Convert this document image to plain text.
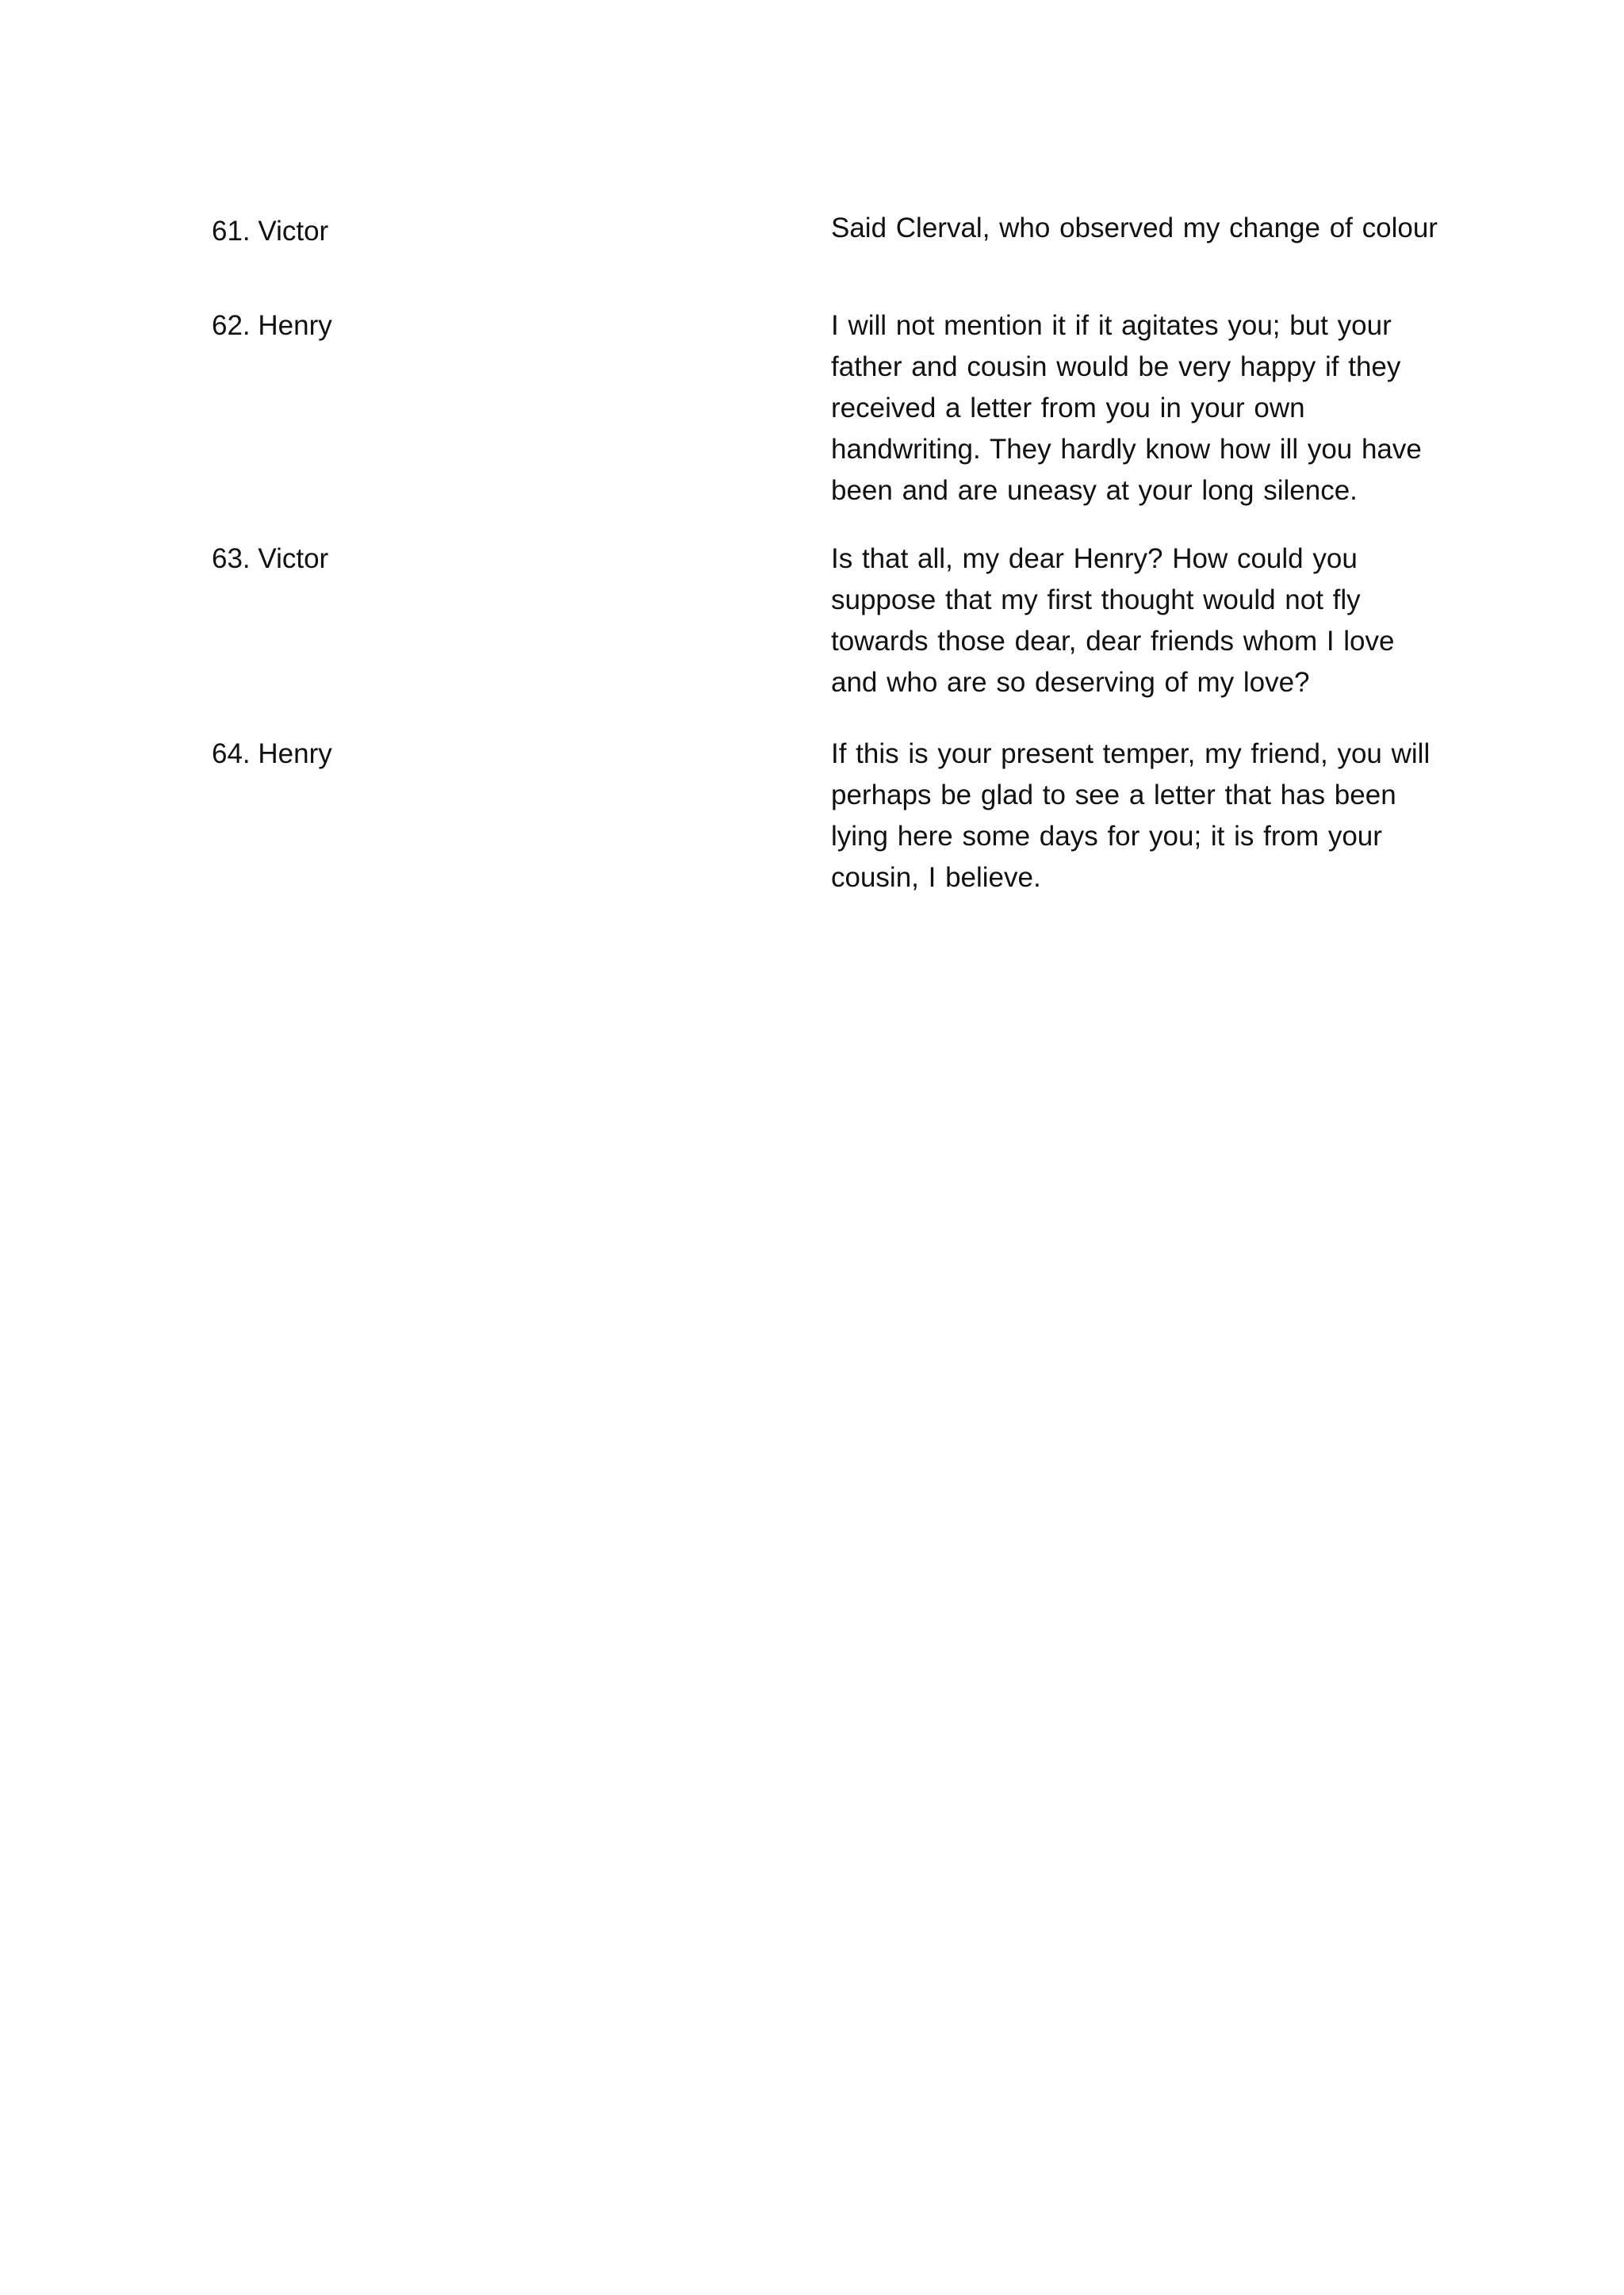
61. Victor	Said Clerval, who observed my change of colour
62. Henry	I will not mention it if it agitates you; but your
father and cousin would be very happy if they
received a letter from you in your own
handwriting. They hardly know how ill you have
been and are uneasy at your long silence.
63. Victor	Is that all, my dear Henry? How could you
suppose that my first thought would not fly
towards those dear, dear friends whom I love
and who are so deserving of my love?
64. Henry	If this is your present temper, my friend, you will
perhaps be glad to see a letter that has been
lying here some days for you; it is from your
cousin, I believe.
